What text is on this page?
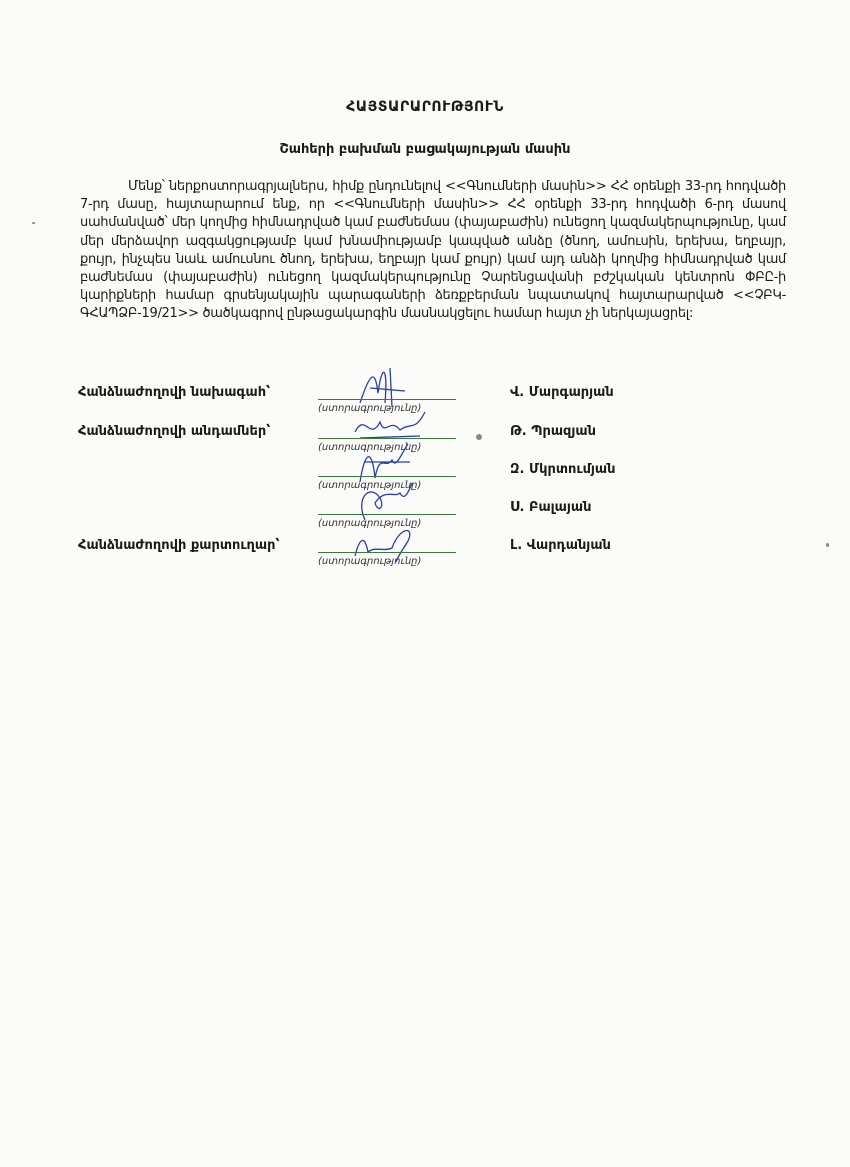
ՀԱՅՏԱՐԱՐՈՒԹՅՈՒՆ
Շահերի բախման բացակայության մասին
Մենք՝ ներքոստորագրյալներս, հիմք ընդունելով <<Գնումների մասին>> ՀՀ օրենքի 33-րդ հոդվածի 7-րդ մասը, հայտարարում ենք, որ <<Գնումների մասին>> ՀՀ օրենքի 33-րդ հոդվածի 6-րդ մասով սահմանված՝ մեր կողմից հիմնադրված կամ բաժնեմաս (փայաբաժին) ունեցող կազմակերպությունը, կամ մեր մերձավոր ազգակցությամբ կամ խնամիությամբ կապված անձը (ծնող, ամուսին, երեխա, եղբայր, քույր, ինչպես նաև ամուսնու ծնող, երեխա, եղբայր կամ քույր) կամ այդ անձի կողմից հիմնադրված կամ բաժնեմաս (փայաբաժին) ունեցող կազմակերպությունը Չարենցավանի բժշկական կենտրոն ՓԲԸ-ի կարիքների համար գրսենյակային պարագաների ձեռքբերման նպատակով հայտարարված <<ՉԲԿ-ԳՀԱՊՁԲ-19/21>> ծածկագրով ընթացակարգին մասնակցելու համար հայտ չի ներկայացրել:
Հանձնաժողովի նախագահ՝
(ստորագրությունը)
Վ. Մարգարյան
Հանձնաժողովի անդամներ՝
(ստորագրությունը)
Թ. Պրազյան
(ստորագրությունը)
Զ. Մկրտումյան
(ստորագրությունը)
Ս. Բալայան
Հանձնաժողովի քարտուղար՝
(ստորագրությունը)
Լ. Վարդանյան
